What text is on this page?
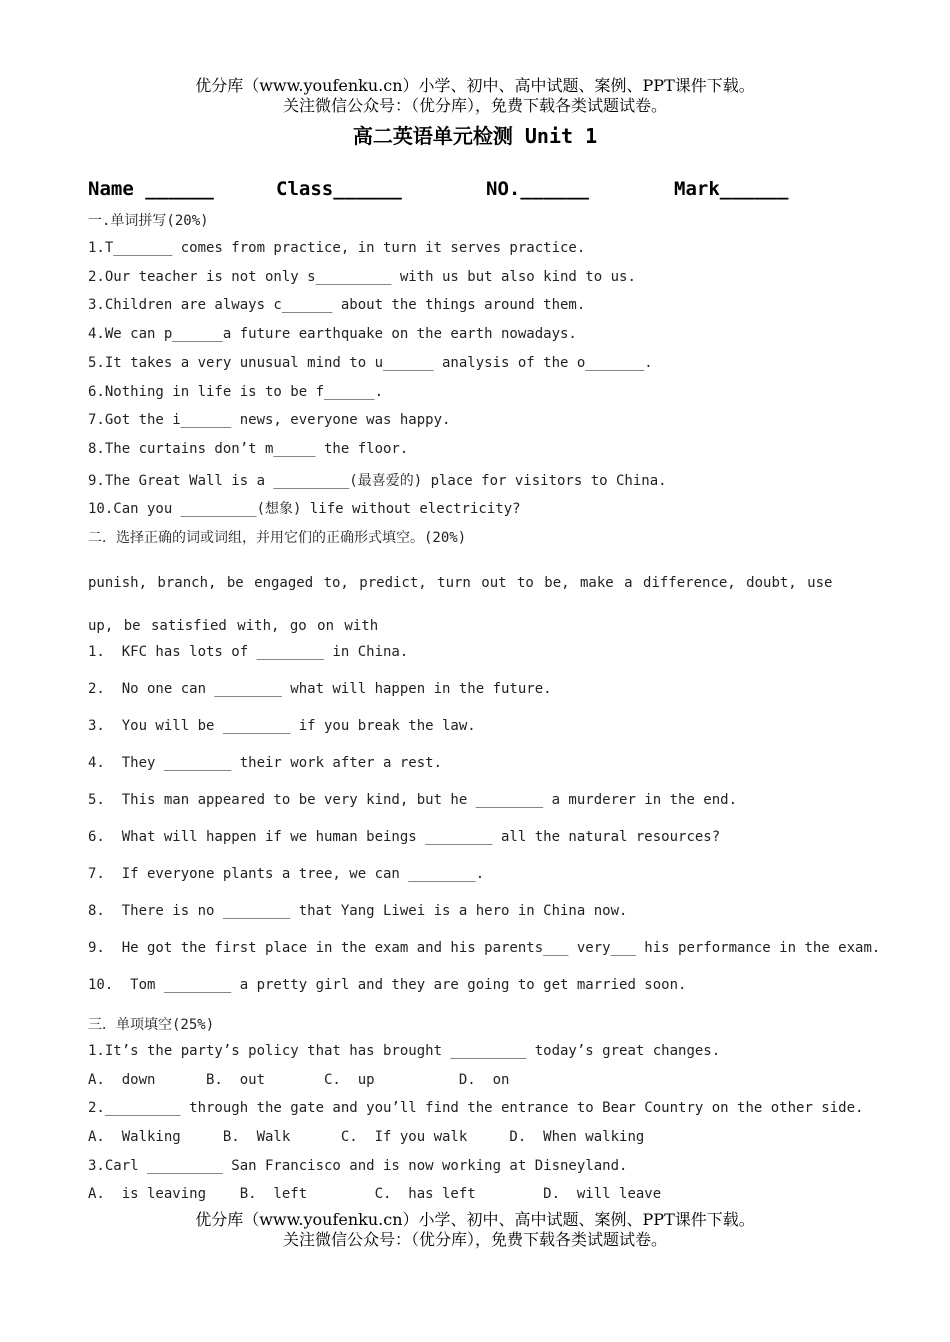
优分库（www.youfenku.cn）小学、初中、高中试题、案例、PPT课件下载。
关注微信公众号：（优分库），免费下载各类试题试卷。
高二英语单元检测 Unit 1
Name ______	Class______	NO.______	Mark______
一.单词拼写(20%)
1.T_______ comes from practice, in turn it serves practice.
2.Our teacher is not only s_________ with us but also kind to us.
3.Children are always c______ about the things around them.
4.We can p______a future earthquake on the earth nowadays.
5.It takes a very unusual mind to u______ analysis of the o_______.
6.Nothing in life is to be f______.
7.Got the i______ news, everyone was happy.
8.The curtains don’t m_____ the floor.
9.The Great Wall is a _________(最喜爱的) place for visitors to China.
10.Can you _________(想象) life without electricity?
二．选择正确的词或词组，并用它们的正确形式填空。(20%)
punish, branch, be engaged to, predict, turn out to be, make a difference, doubt, use up, be satisfied with, go on with
1.  KFC has lots of ________ in China.
2.  No one can ________ what will happen in the future.
3.  You will be ________ if you break the law.
4.  They ________ their work after a rest.
5.  This man appeared to be very kind, but he ________ a murderer in the end.
6.  What will happen if we human beings ________ all the natural resources?
7.  If everyone plants a tree, we can ________.
8.  There is no ________ that Yang Liwei is a hero in China now.
9.  He got the first place in the exam and his parents___ very___ his performance in the exam.
10.  Tom ________ a pretty girl and they are going to get married soon.
三．单项填空(25%)
1.It’s the party’s policy that has brought _________ today’s great changes.
A.  down      B.  out       C.  up          D.  on
2._________ through the gate and you’ll find the entrance to Bear Country on the other side.
A.  Walking     B.  Walk      C.  If you walk     D.  When walking
3.Carl _________ San Francisco and is now working at Disneyland.
A.  is leaving    B.  left        C.  has left        D.  will leave
优分库（www.youfenku.cn）小学、初中、高中试题、案例、PPT课件下载。
关注微信公众号：（优分库），免费下载各类试题试卷。
